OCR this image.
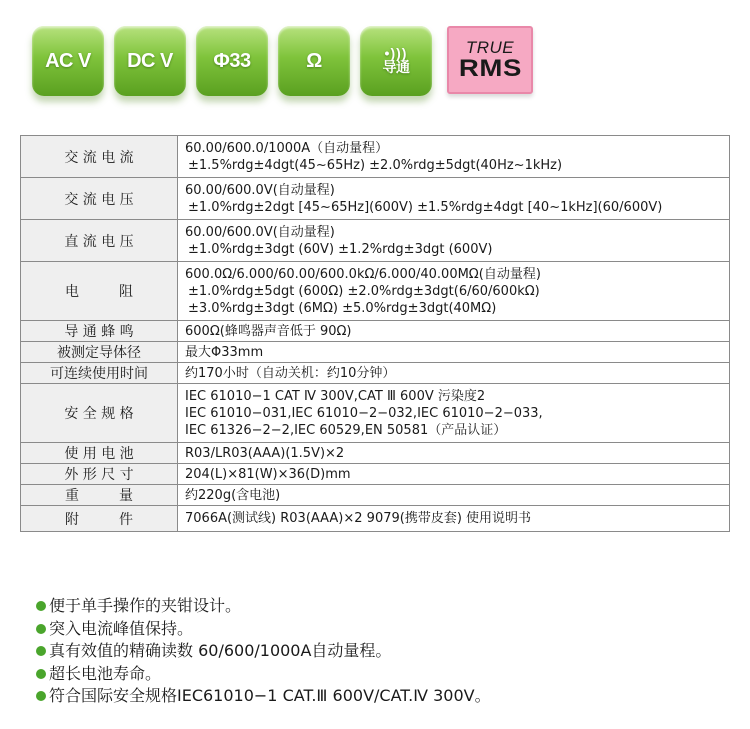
AC V DC V Φ33	Ω	•)))
导通
TRUE
RMS
交 流 电 流	60.00/600.0/1000A（自动量程）
±1.5%rdg±4dgt(45~65Hz) ±2.0%rdg±5dgt(40Hz~1kHz)

交 流 电 压	60.00/600.0V(自动量程)
±1.0%rdg±2dgt [45~65Hz](600V) ±1.5%rdg±4dgt [40~1kHz](60/600V)

直 流 电 压	60.00/600.0V(自动量程)
±1.0%rdg±3dgt (60V) ±1.2%rdg±3dgt (600V)

电         阻	600.0Ω/6.000/60.00/600.0kΩ/6.000/40.00MΩ(自动量程)
±1.0%rdg±5dgt (600Ω) ±2.0%rdg±3dgt(6/60/600kΩ)
±3.0%rdg±3dgt (6MΩ) ±5.0%rdg±3dgt(40MΩ)

导 通 蜂 鸣	600Ω(蜂鸣器声音低于 90Ω)

被测定导体径	最大Φ33mm

可连续使用时间	约170小时（自动关机：约10分钟）

安 全 规 格	IEC 61010−1 CAT Ⅳ 300V,CAT Ⅲ 600V 污染度2
IEC 61010−031,IEC 61010−2−032,IEC 61010−2−033,
IEC 61326−2−2,IEC 60529,EN 50581（产品认证）

使 用 电 池	R03/LR03(AAA)(1.5V)×2

外 形 尺 寸	204(L)×81(W)×36(D)mm

重         量	约220g(含电池)

附         件	7066A(测试线) R03(AAA)×2 9079(携带皮套) 使用说明书
便于单手操作的夹钳设计。
突入电流峰值保持。
真有效值的精确读数 60/600/1000A自动量程。
超长电池寿命。
符合国际安全规格IEC61010−1 CAT.Ⅲ 600V/CAT.Ⅳ 300V。
